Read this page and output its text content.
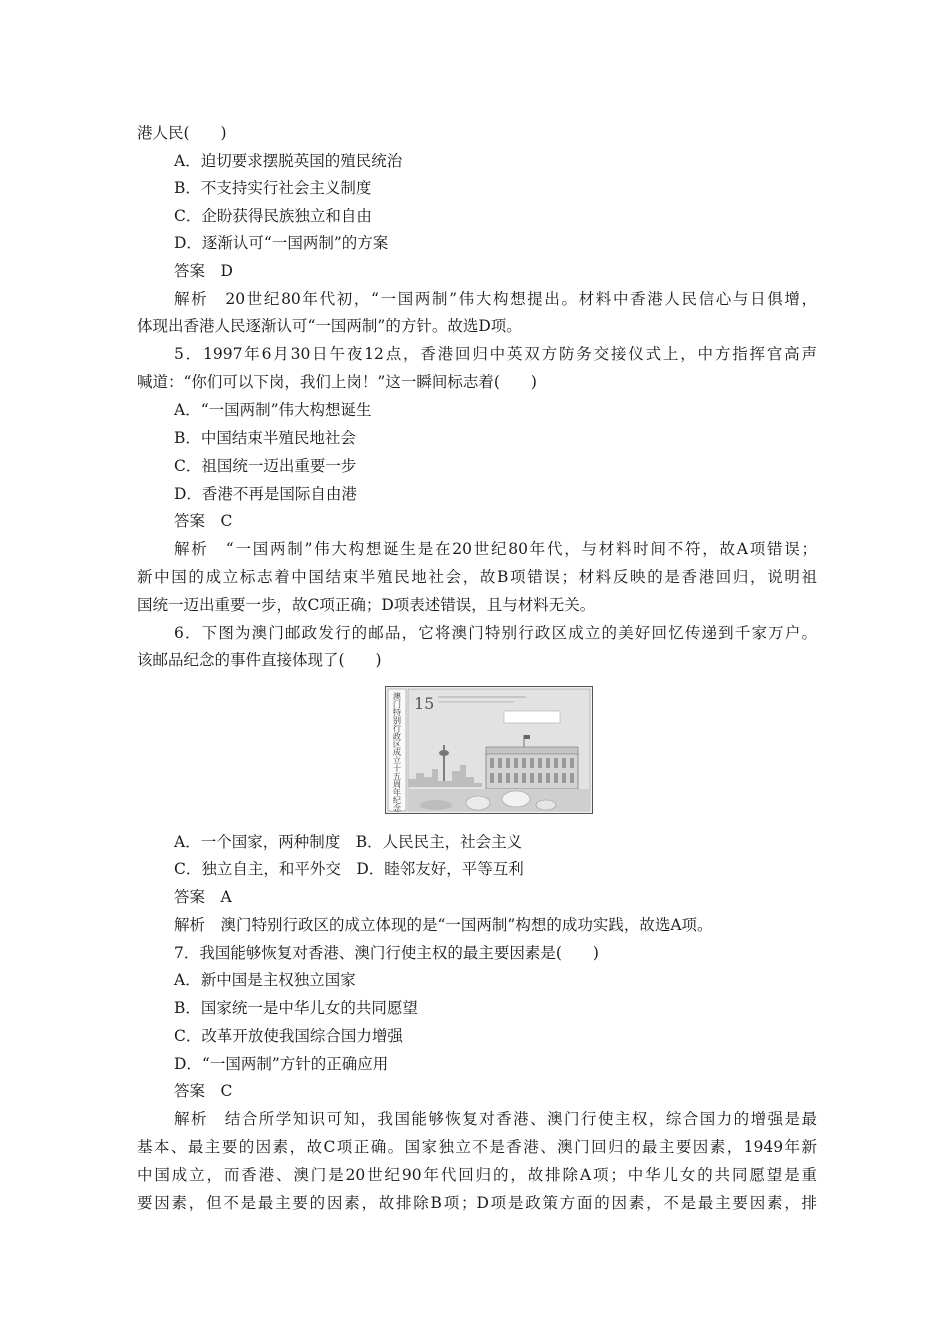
港人民(　　)
A．迫切要求摆脱英国的殖民统治
B．不支持实行社会主义制度
C．企盼获得民族独立和自由
D．逐渐认可“一国两制”的方案
答案　D
解析　20世纪80年代初，“一国两制”伟大构想提出。材料中香港人民信心与日俱增，
体现出香港人民逐渐认可“一国两制”的方针。故选D项。
5．1997年6月30日午夜12点，香港回归中英双方防务交接仪式上，中方指挥官高声
喊道：“你们可以下岗，我们上岗！”这一瞬间标志着(　　)
A．“一国两制”伟大构想诞生
B．中国结束半殖民地社会
C．祖国统一迈出重要一步
D．香港不再是国际自由港
答案　C
解析　“一国两制”伟大构想诞生是在20世纪80年代，与材料时间不符，故A项错误；
新中国的成立标志着中国结束半殖民地社会，故B项错误；材料反映的是香港回归，说明祖
国统一迈出重要一步，故C项正确；D项表述错误，且与材料无关。
6．下图为澳门邮政发行的邮品，它将澳门特别行政区成立的美好回忆传递到千家万户。
该邮品纪念的事件直接体现了(　　)
澳
门
特
别
行
政
区
成
立
十
五
周
年
纪
念
15
A．一个国家，两种制度　B．人民民主，社会主义
C．独立自主，和平外交　D．睦邻友好，平等互利
答案　A
解析　澳门特别行政区的成立体现的是“一国两制”构想的成功实践，故选A项。
7．我国能够恢复对香港、澳门行使主权的最主要因素是(　　)
A．新中国是主权独立国家
B．国家统一是中华儿女的共同愿望
C．改革开放使我国综合国力增强
D．“一国两制”方针的正确应用
答案　C
解析　结合所学知识可知，我国能够恢复对香港、澳门行使主权，综合国力的增强是最
基本、最主要的因素，故C项正确。国家独立不是香港、澳门回归的最主要因素，1949年新
中国成立，而香港、澳门是20世纪90年代回归的，故排除A项；中华儿女的共同愿望是重
要因素，但不是最主要的因素，故排除B项；D项是政策方面的因素，不是最主要因素，排
